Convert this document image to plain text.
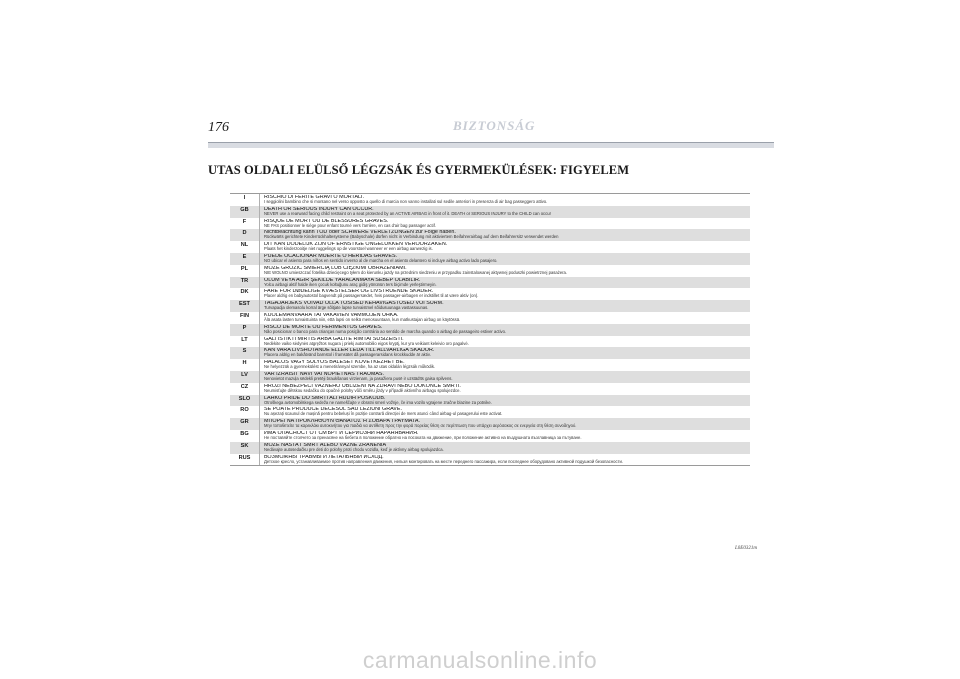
176	BIZTONSÁG
UTAS OLDALI ELÜLSŐ LÉGZSÁK ÉS GYERMEKÜLÉSEK: FIGYELEM
I	RISCHIO DI FERITE GRAVI O MORTALI.
I seggiolini bambino che si montano nel verso opposto a quello di marcia non vanno installati sul sedile anteriori in presenza di air bag passeggero attivo.
GB	DEATH OR SERIOUS INJURY CAN OCCUR.
NEVER use a rearward facing child restraint on a seat protected by an ACTIVE AIRBAG in front of it. DEATH or SERIOUS INJURY to the CHILD can occur
F	RISQUE DE MORT OU DE BLESSURES GRAVES.
NE PAS positionner le siège pour enfant tourné vers l'arrière, en cas d'air bag passager actif.
D	Nichtbeachtung kann TOD oder SCHWERE VERLETZUNGEN zur Folge haben.
Rückwärts gerichtete Kinderrückhaltesysteme (Babyschale) dürfen nicht in Verbindung mit aktiviertem Beifahrerairbag auf dem Beifahrersitz verwendet werden
NL	DIT KAN DODELIJK ZIJN OF ERNSTIGE ONGELUKKEN VEROORZAKEN.
Plaats het kinderzooitje niet ruggelings op de voorstoel wanneer er een airbag aanwezig is.
E	PUEDE OCACIONAR MUERTE O HERIDAS GRAVES.
NO ubicar el asiento para niños en sentido inverso al de marcha en el asiento delantero si incluye airbag activo lado pasajero.
PL	MOŻE GROZIĆ ŚMIERCIĄ LUB CIĘŻKIMI OBRAŻENIAMI.
NIE WOLNO umieszczać fotelika dziecięcego tyłem do kierunku jazdy na przednim siedzeniu w przypadku zainstalowanej aktywnej poduszki powietrznej pasażera.
TR	ÖLÜM VEYA AĞIR ŞEKİLDE YARALANMAYA SEBEP OLABİLİR.
Yolcu airbagi aktif halde iken çocuk koltuğunu araç gidiş yönünün ters biçimde yerleştirmeyin.
DK	FARE FOR DØDELIGE KVÆSTELSER OG LIVSTRUENDE SKADER.
Placer aldrig en babyautostol bagvendt på passagersædet, hvis passager-airbagen er indstillet til at være aktiv (on).
EST	TAGAJÄRJEKS VÕIVAD OLLA TÕSISED KEHAVIGASTUSED VÕI SURM.
Turvapadja olemasolu korral ärge sõitjate lapse turvaistmel sõidusuunaga vastassuunas.
FIN	KUOLEMANVAARA TAI VAKAVIEN VAMMOJEN UHKA.
Älä asata lasten turvaistuinta niin, että lapsi on selkä menosuuntaan, kun matkustajan airbag on käytössä.
P	RISCO DE MORTE OU FERIMENTOS GRAVES.
Não posicionar o banco para crianças numa posição contrária ao sentido de marcha quando o airbag de passageiro estiver activo.
LT	GALI IŠTIKTI MIRTIS ARBA GALITE RIMTAI SUSIŽEISTI.
Nedėkite vaiko sėdynės atgręžtos nugara į priekį automobilio eigos kryptį, kur yra veikiant keleivio oro pagalvė.
S	KAN VARA LIVSHOTANDE ELLER LEDA TILL ALLVARLIGA SKADOR.
Placera aldrig en bakåtvänd barnstol i framsätet då passagerarsidans krockkudde är aktiv.
H	HALÁLOS VAGY SÚLYOS BALESET KÖVETKEZHET BE.
Ne helyezzük a gyermekülést a menetiránnyal szembe, ha az utas oldalán légzsák működik.
LV	VAR IZRAISĪT NĀVI VAI NOPIETNAS TRAUMAS.
Nenovietot mazuļa sēdekli pretēji braukšanas virzienam, ja pasažiera pusē ir uzstādīts gaisa spilvens.
CZ	HROZÍ NEBEZPEČÍ VÁŽNÉHO UBLÍŽENÍ NA ZDRAVÍ NEBO DOKONCE SMRTI.
Neumisťujte dětskou sedačku do opačné polohy vůči směru jízdy v případě aktivního airbagu spolujezdce.
SLO	LAHKO PRIDE DO SMRTI ALI HUDIH POŠKODB.
Otroškega avtomobilskega sedeža ne nameščajte v obratni smeri vožnje, če ima vozilo vgrajene zračne blazine za potnike.
RO	SE POATE PRODUCE DECESUL SAU LEZIUNI GRAVE.
Nu așezați scaunul de mașină pentru bebeluși în poziție contrară direcției de mers atunci când airbag-ul pasagerului este activat.
GR	ΜΠΟΡΕΙ ΝΑ ΠΡΟΚΛΗΘΟΥΝ ΘΑΝΑΤΟΣ Ή ΣΟΒΑΡΑ ΤΡΑΥΜΑΤΑ.
Μην τοποθετείτε τα καρεκλάκι αυτοκινήτου για παιδιά να αντίθετη προς την φορά πορείας θέση σε περίπτωση που υπάρχει αερόσακος σε ενεργεία στη θέση συνοδηγού.
BG	ИМА ОПАСНОСТ ОТ СМЪРТ И СЕРИОЗНИ НАРАНЯВАНИЯ.
Не поставяйте столчето за пренасяне на бебета в положение обратно на посоката на движение, при положение активно на въздушната възглавница за пътуване.
SK	MÔŽE NASTAŤ SMRŤ ALEBO VÁŽNE ZRANENIA
Nedávajte autosedačku pre deti do polohy proti chodu vozidla, keď je aktívny airbag spolujazdca.
RUS	ВОЗМОЖНЫ ТРАВМЫ И ЛЕТАЛЬНЫЙ ИСХОД.
Детское кресло, устанавливаемое против направления движения, нельзя монтировать на месте переднего пассажира, если последнее оборудовано активной подушкой безопасности.
L0E0321m
carmanualsonline.info
